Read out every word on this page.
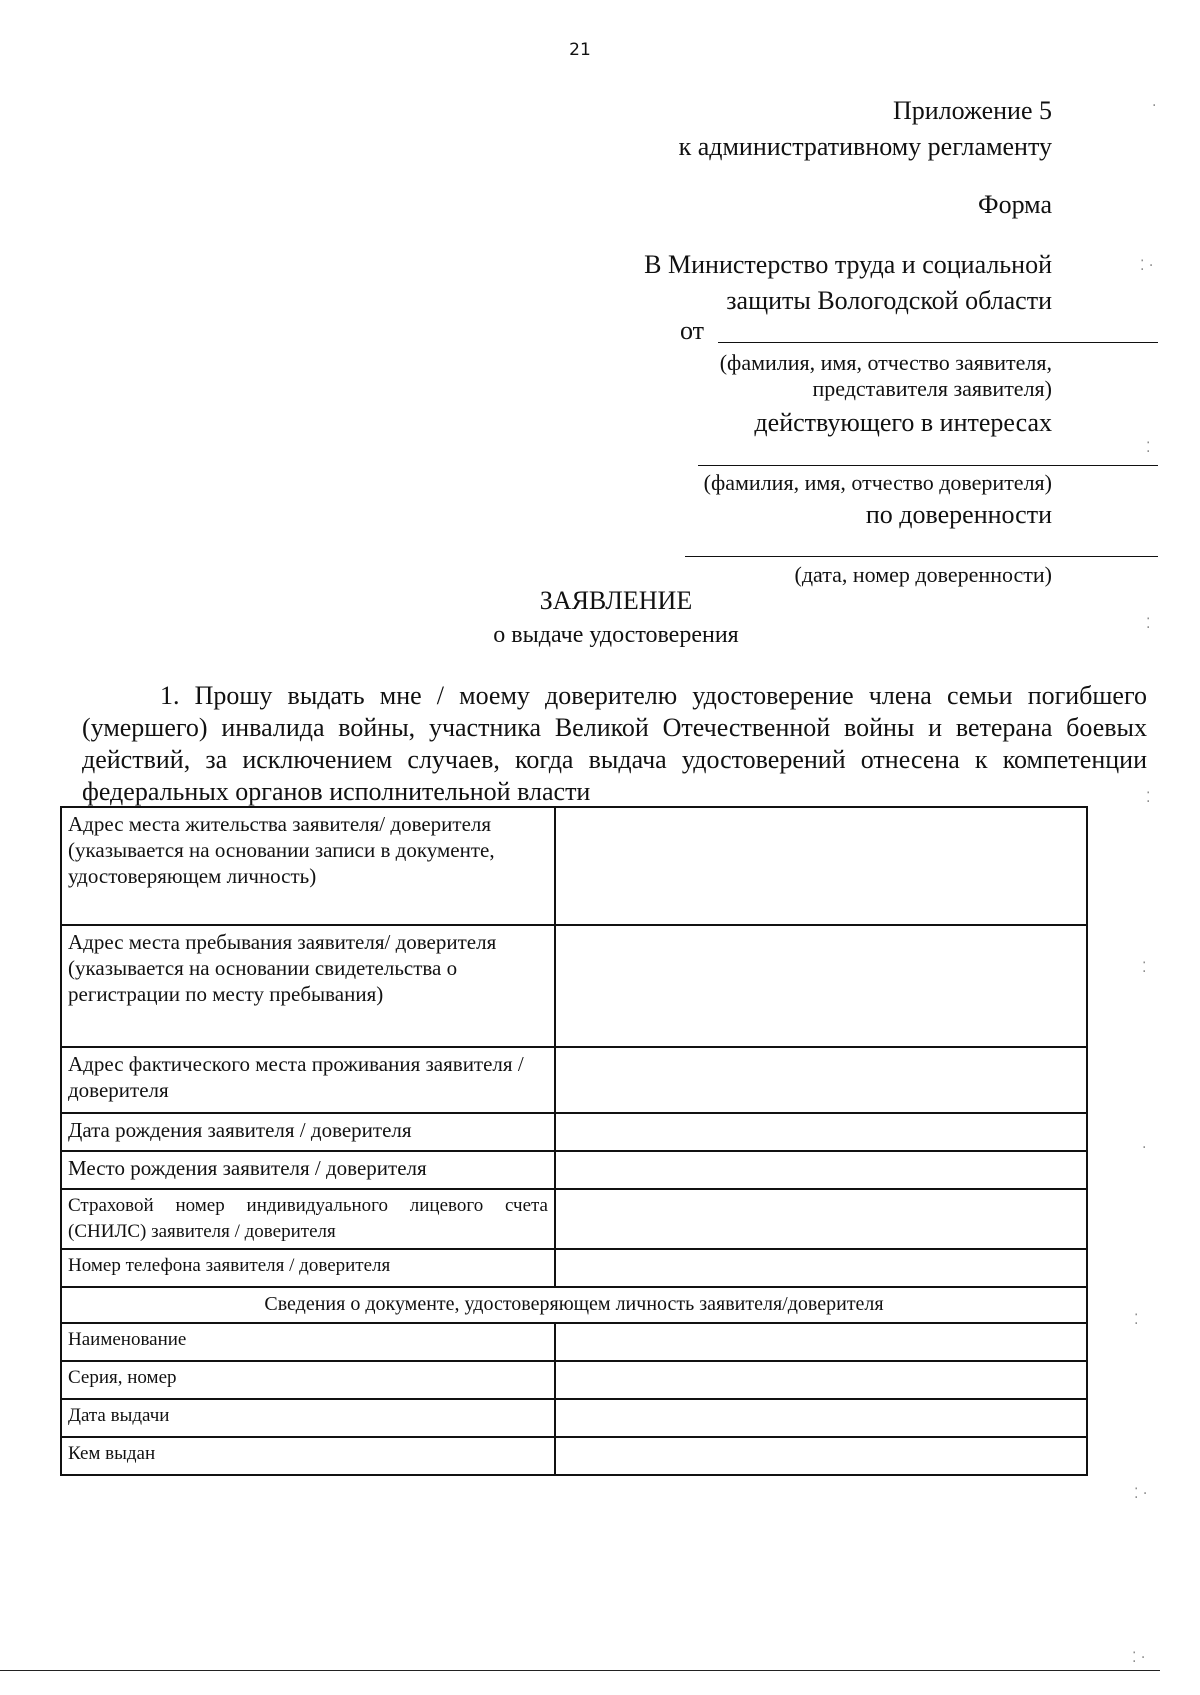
21
Приложение 5
к административному регламенту
Форма
В Министерство труда и социальной
защиты Вологодской области
от
(фамилия, имя, отчество заявителя,
представителя заявителя)
действующего в интересах
(фамилия, имя, отчество доверителя)
по доверенности
(дата, номер доверенности)
ЗАЯВЛЕНИЕ
о выдаче удостоверения
1. Прошу выдать мне / моему доверителю удостоверение члена семьи погибшего (умершего) инвалида войны, участника Великой Отечественной войны и ветерана боевых действий, за исключением случаев, когда выдача удостоверений отнесена к компетенции федеральных органов исполнительной власти
Адрес места жительства заявителя/ доверителя (указывается на основании записи в документе, удостоверяющем личность)	
Адрес места пребывания заявителя/ доверителя (указывается на основании свидетельства о регистрации по месту пребывания)	
Адрес фактического места проживания заявителя / доверителя	
Дата рождения заявителя / доверителя	
Место рождения заявителя / доверителя	
Страховой номер индивидуального лицевого счета (СНИЛС) заявителя / доверителя	
Номер телефона заявителя / доверителя	
Сведения о документе, удостоверяющем личность заявителя/доверителя	
Наименование	
Серия, номер	
Дата выдачи	
Кем выдан	
·
⁚ ·
⁚
⁚
⁚
⁚
·
⁚
⁚ ·
⁚ ·
